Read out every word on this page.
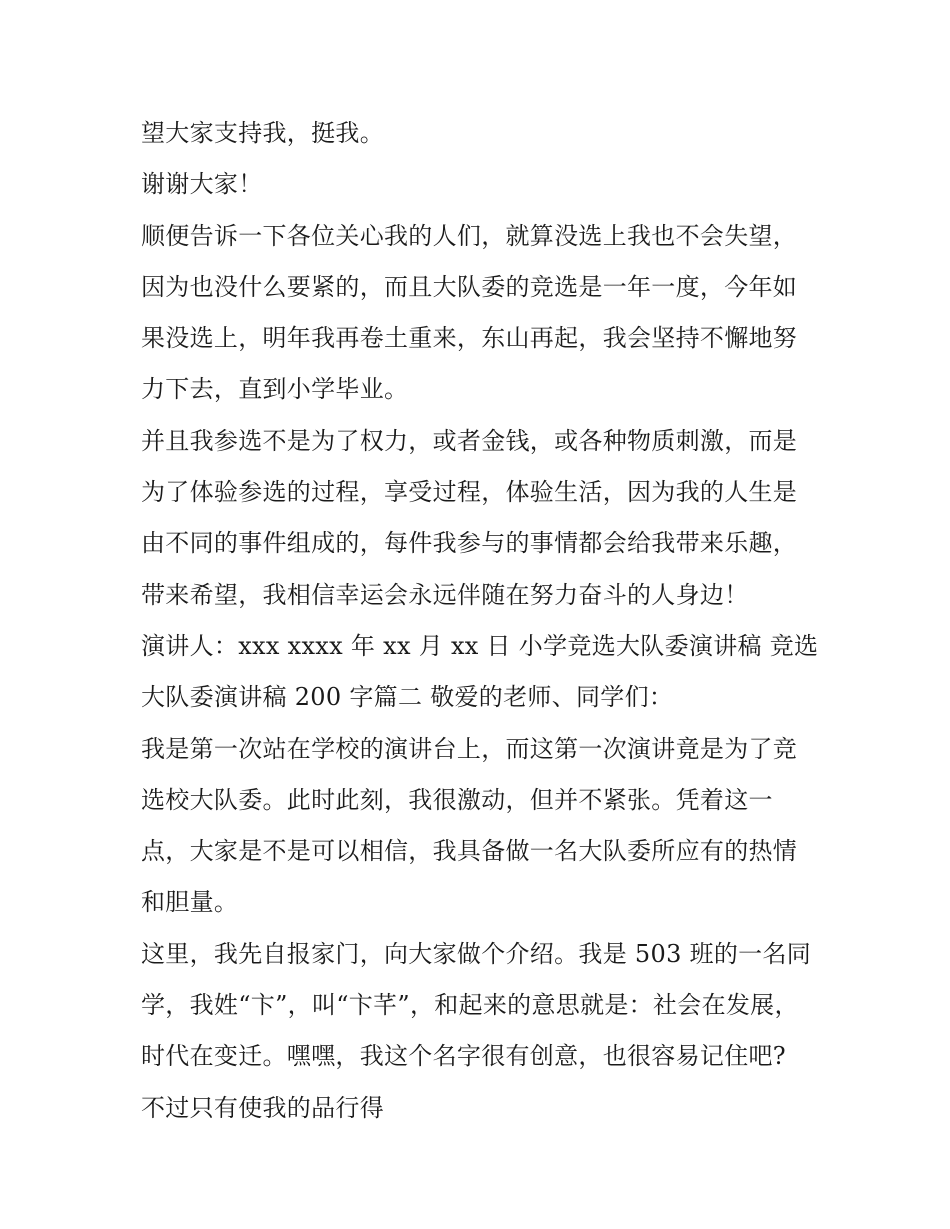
望大家支持我，挺我。
谢谢大家！
顺便告诉一下各位关心我的人们，就算没选上我也不会失望，
因为也没什么要紧的，而且大队委的竞选是一年一度，今年如
果没选上，明年我再卷土重来，东山再起，我会坚持不懈地努
力下去，直到小学毕业。
并且我参选不是为了权力，或者金钱，或各种物质刺激，而是
为了体验参选的过程，享受过程，体验生活，因为我的人生是
由不同的事件组成的，每件我参与的事情都会给我带来乐趣，
带来希望，我相信幸运会永远伴随在努力奋斗的人身边！
演讲人：xxx xxxx 年 xx 月 xx 日 小学竞选大队委演讲稿 竞选
大队委演讲稿 200 字篇二 敬爱的老师、同学们：
我是第一次站在学校的演讲台上，而这第一次演讲竟是为了竞
选校大队委。此时此刻，我很激动，但并不紧张。凭着这一
点，大家是不是可以相信，我具备做一名大队委所应有的热情
和胆量。
这里，我先自报家门，向大家做个介绍。我是 503 班的一名同
学，我姓“卞”，叫“卞芊”，和起来的意思就是：社会在发展，
时代在变迁。嘿嘿，我这个名字很有创意，也很容易记住吧?
不过只有使我的品行得
